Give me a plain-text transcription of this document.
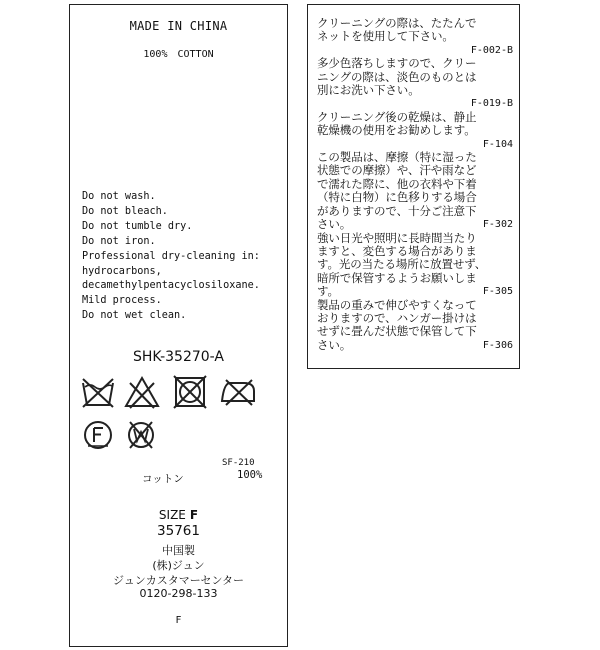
MADE IN CHINA
100% COTTON
Do not wash.
Do not bleach.
Do not tumble dry.
Do not iron.
Professional dry-cleaning in:
hydrocarbons,
decamethylpentacyclosiloxane.
Mild process.
Do not wet clean.
SHK-35270-A
SF-210
コットン	100%
SIZE F
35761
中国製
(株)ジュン
ジュンカスタマーセンター
0120-298-133
F
クリーニングの際は、たたんで
ネットを使用して下さい。
F-002-B
多少色落ちしますので、クリー
ニングの際は、淡色のものとは
別にお洗い下さい。
F-019-B
クリーニング後の乾燥は、静止
乾燥機の使用をお勧めします。
F-104
この製品は、摩擦（特に湿った
状態での摩擦）や、汗や雨など
で濡れた際に、他の衣料や下着
（特に白物）に色移りする場合
がありますので、十分ご注意下
さい。	F-302
強い日光や照明に長時間当たり
ますと、変色する場合がありま
す。光の当たる場所に放置せず、
暗所で保管するようお願いしま
す。	F-305
製品の重みで伸びやすくなって
おりますので、ハンガー掛けは
せずに畳んだ状態で保管して下
さい。	F-306
